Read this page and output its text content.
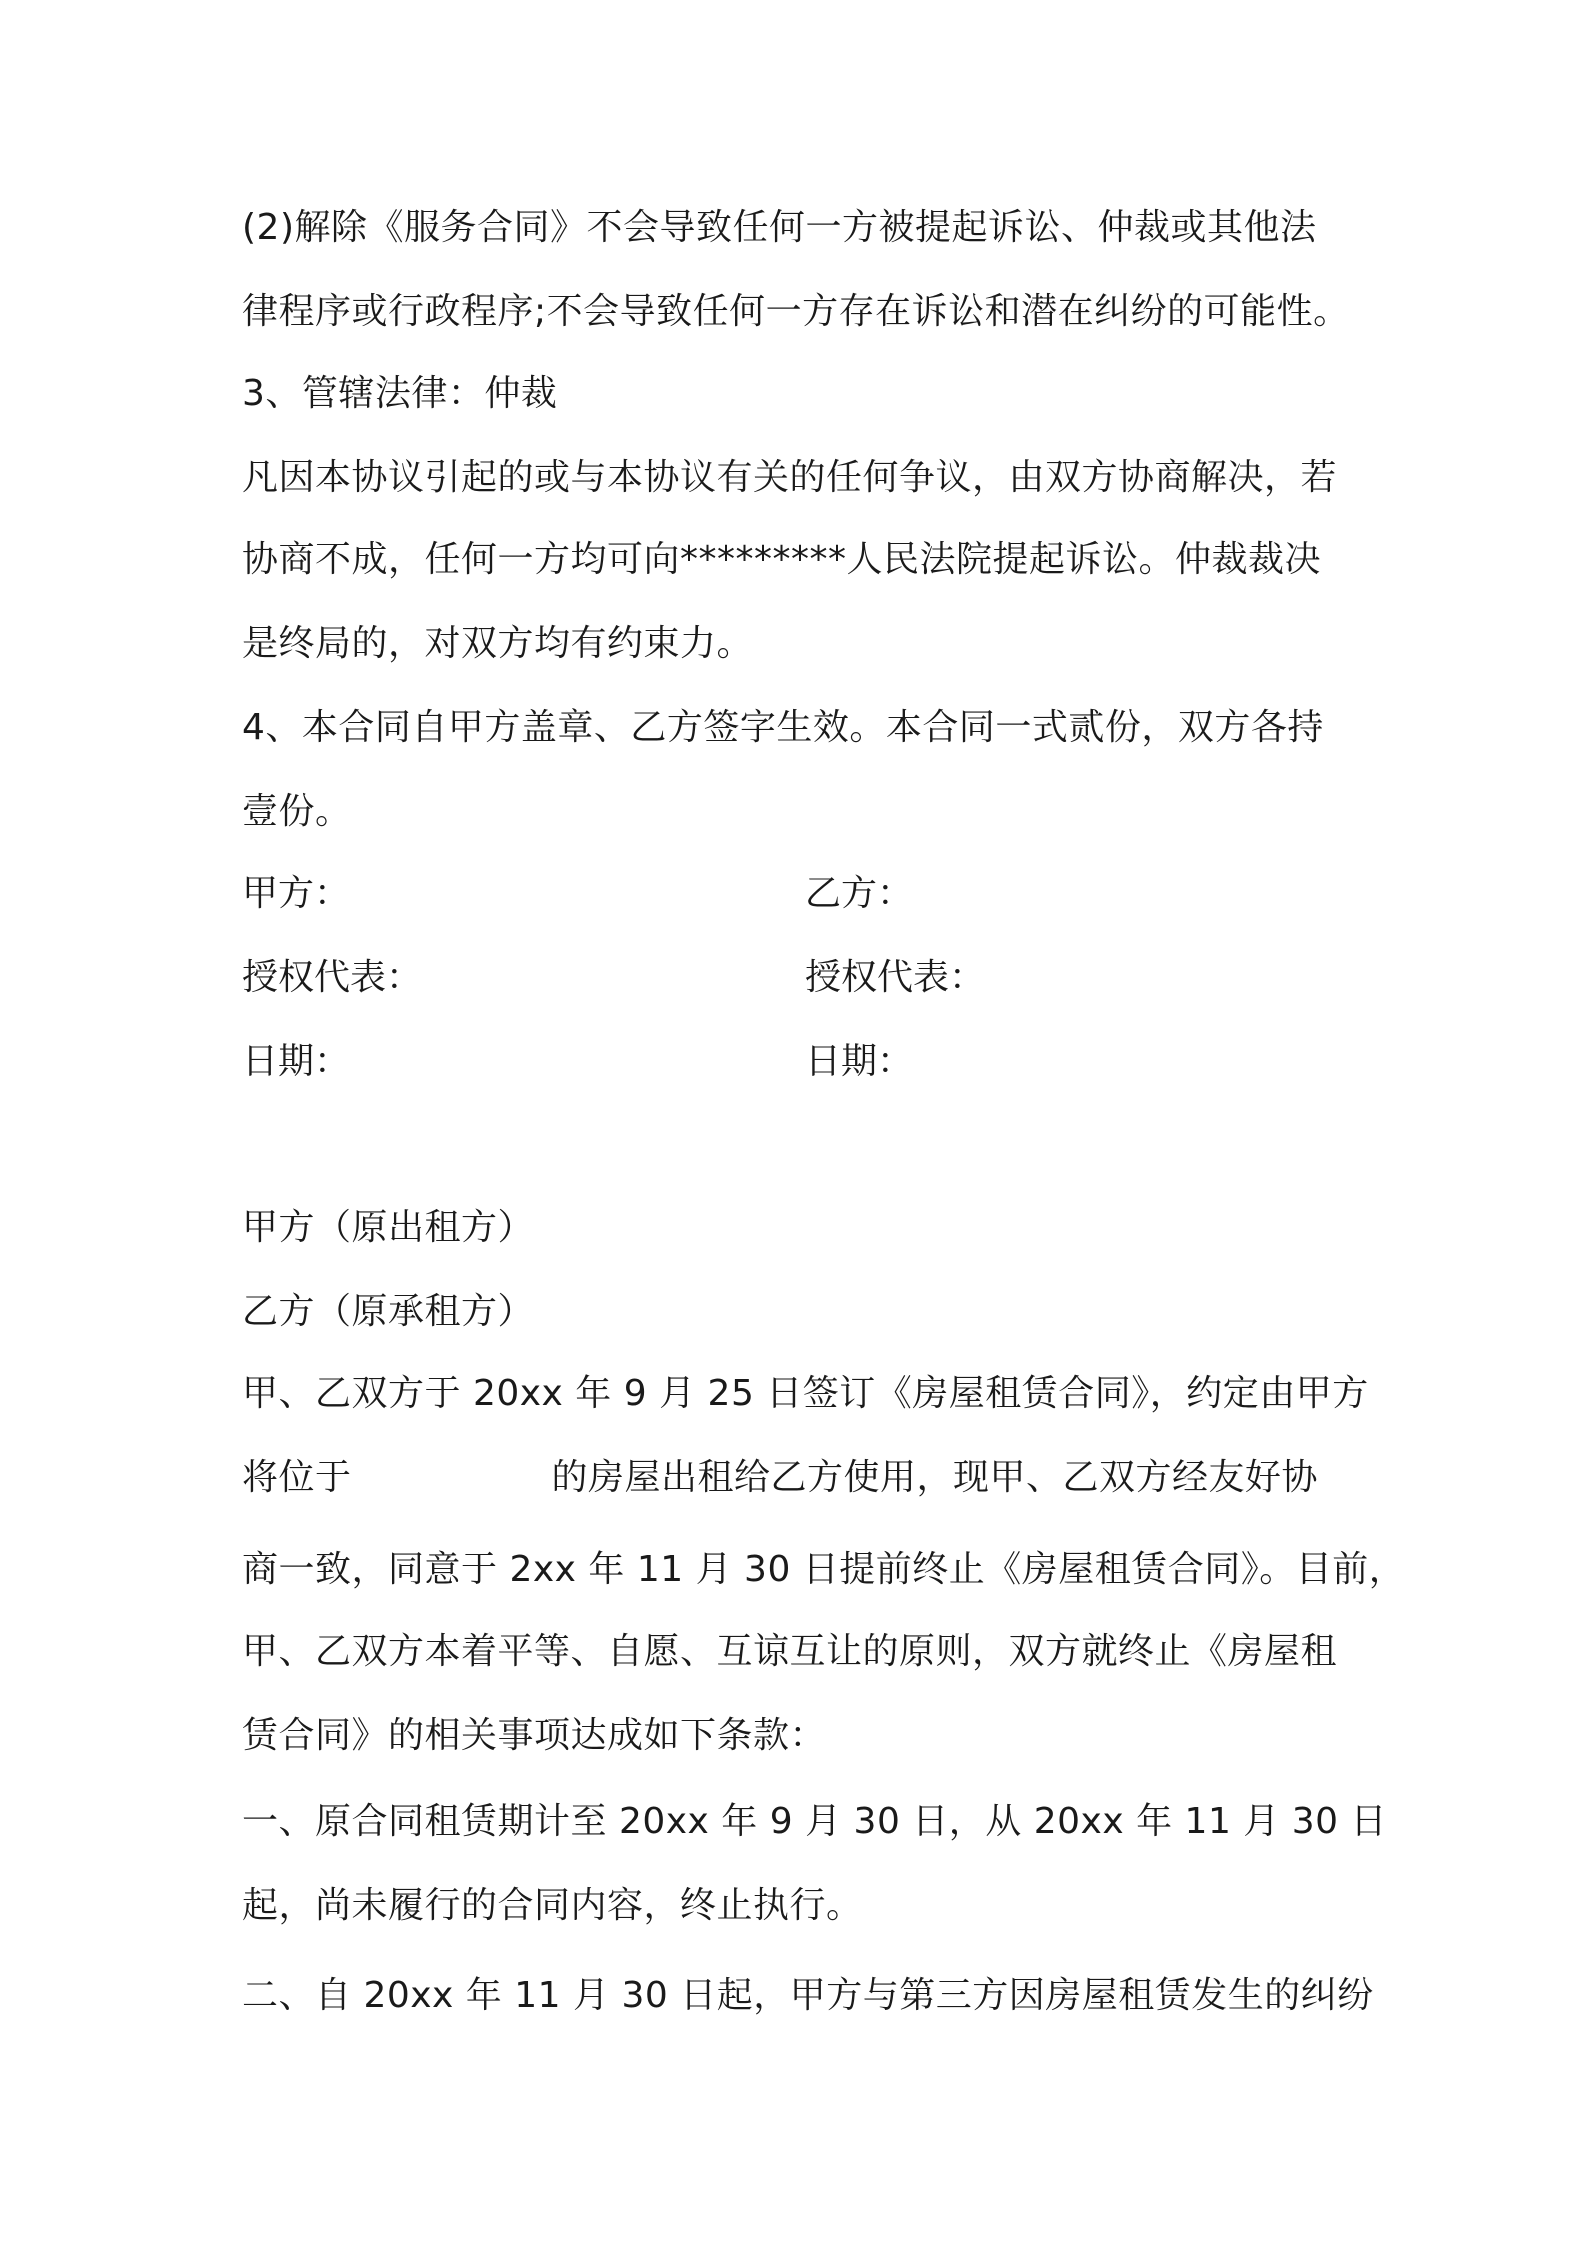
(2)解除《服务合同》不会导致任何一方被提起诉讼、仲裁或其他法
律程序或行政程序;不会导致任何一方存在诉讼和潜在纠纷的可能性。
3、管辖法律：仲裁
凡因本协议引起的或与本协议有关的任何争议，由双方协商解决，若
协商不成，任何一方均可向*********人民法院提起诉讼。仲裁裁决
是终局的，对双方均有约束力。
4、本合同自甲方盖章、乙方签字生效。本合同一式贰份，双方各持
壹份。
甲方：	乙方：
授权代表：	授权代表：
日期：	日期：
甲方（原出租方）
乙方（原承租方）
甲、乙双方于 20xx 年 9 月 25 日签订《房屋租赁合同》，约定由甲方
将位于	的房屋出租给乙方使用，现甲、乙双方经友好协
商一致，同意于 2xx 年 11 月 30 日提前终止《房屋租赁合同》。目前，
甲、乙双方本着平等、自愿、互谅互让的原则，双方就终止《房屋租
赁合同》的相关事项达成如下条款：
一、原合同租赁期计至 20xx 年 9 月 30 日，从 20xx 年 11 月 30 日
起，尚未履行的合同内容，终止执行。
二、自 20xx 年 11 月 30 日起，甲方与第三方因房屋租赁发生的纠纷
